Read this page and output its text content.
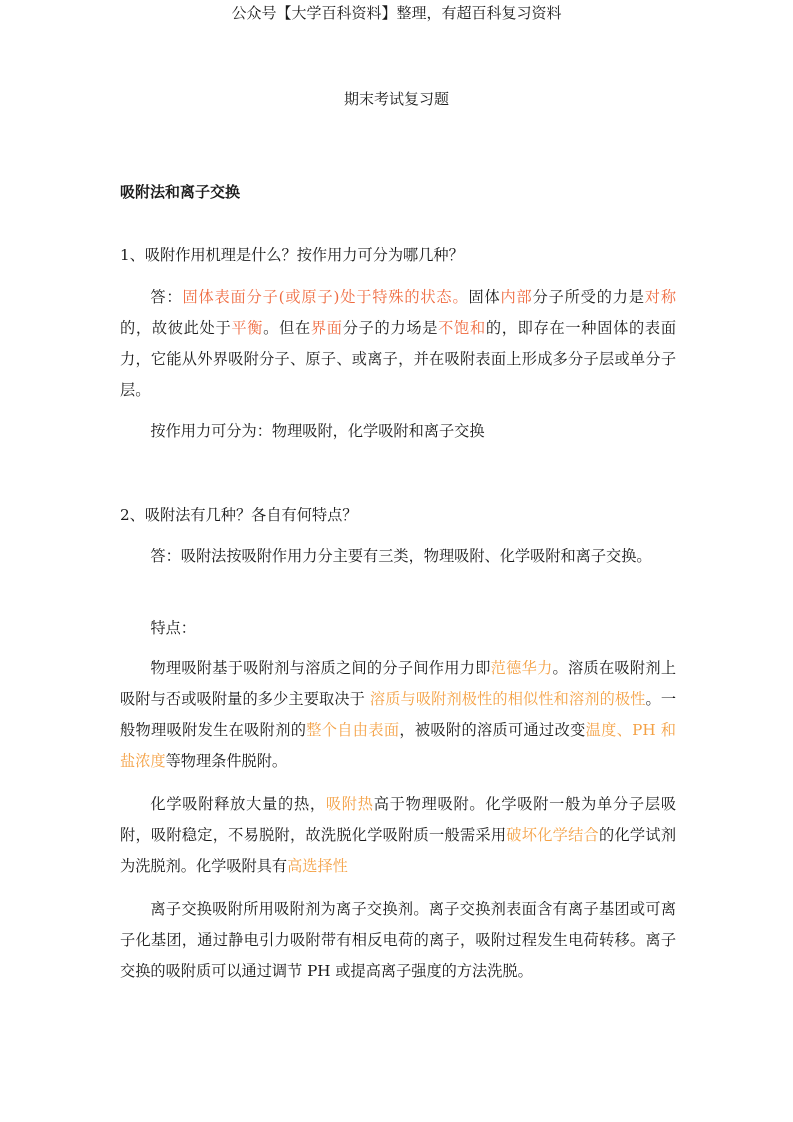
公众号【大学百科资料】整理，有超百科复习资料
期末考试复习题
吸附法和离子交换

1、吸附作用机理是什么？按作用力可分为哪几种？

答：固体表面分子(或原子)处于特殊的状态。固体内部分子所受的力是对称的，故彼此处于平衡。但在界面分子的力场是不饱和的，即存在一种固体的表面力，它能从外界吸附分子、原子、或离子，并在吸附表面上形成多分子层或单分子层。

按作用力可分为：物理吸附，化学吸附和离子交换

2、吸附法有几种？各自有何特点？

答：吸附法按吸附作用力分主要有三类，物理吸附、化学吸附和离子交换。

特点：

物理吸附基于吸附剂与溶质之间的分子间作用力即范德华力。溶质在吸附剂上吸附与否或吸附量的多少主要取决于 溶质与吸附剂极性的相似性和溶剂的极性。一般物理吸附发生在吸附剂的整个自由表面，被吸附的溶质可通过改变温度、PH 和盐浓度等物理条件脱附。

化学吸附释放大量的热，吸附热高于物理吸附。化学吸附一般为单分子层吸附，吸附稳定，不易脱附，故洗脱化学吸附质一般需采用破坏化学结合的化学试剂为洗脱剂。化学吸附具有高选择性

离子交换吸附所用吸附剂为离子交换剂。离子交换剂表面含有离子基团或可离子化基团，通过静电引力吸附带有相反电荷的离子，吸附过程发生电荷转移。离子交换的吸附质可以通过调节 PH 或提高离子强度的方法洗脱。
